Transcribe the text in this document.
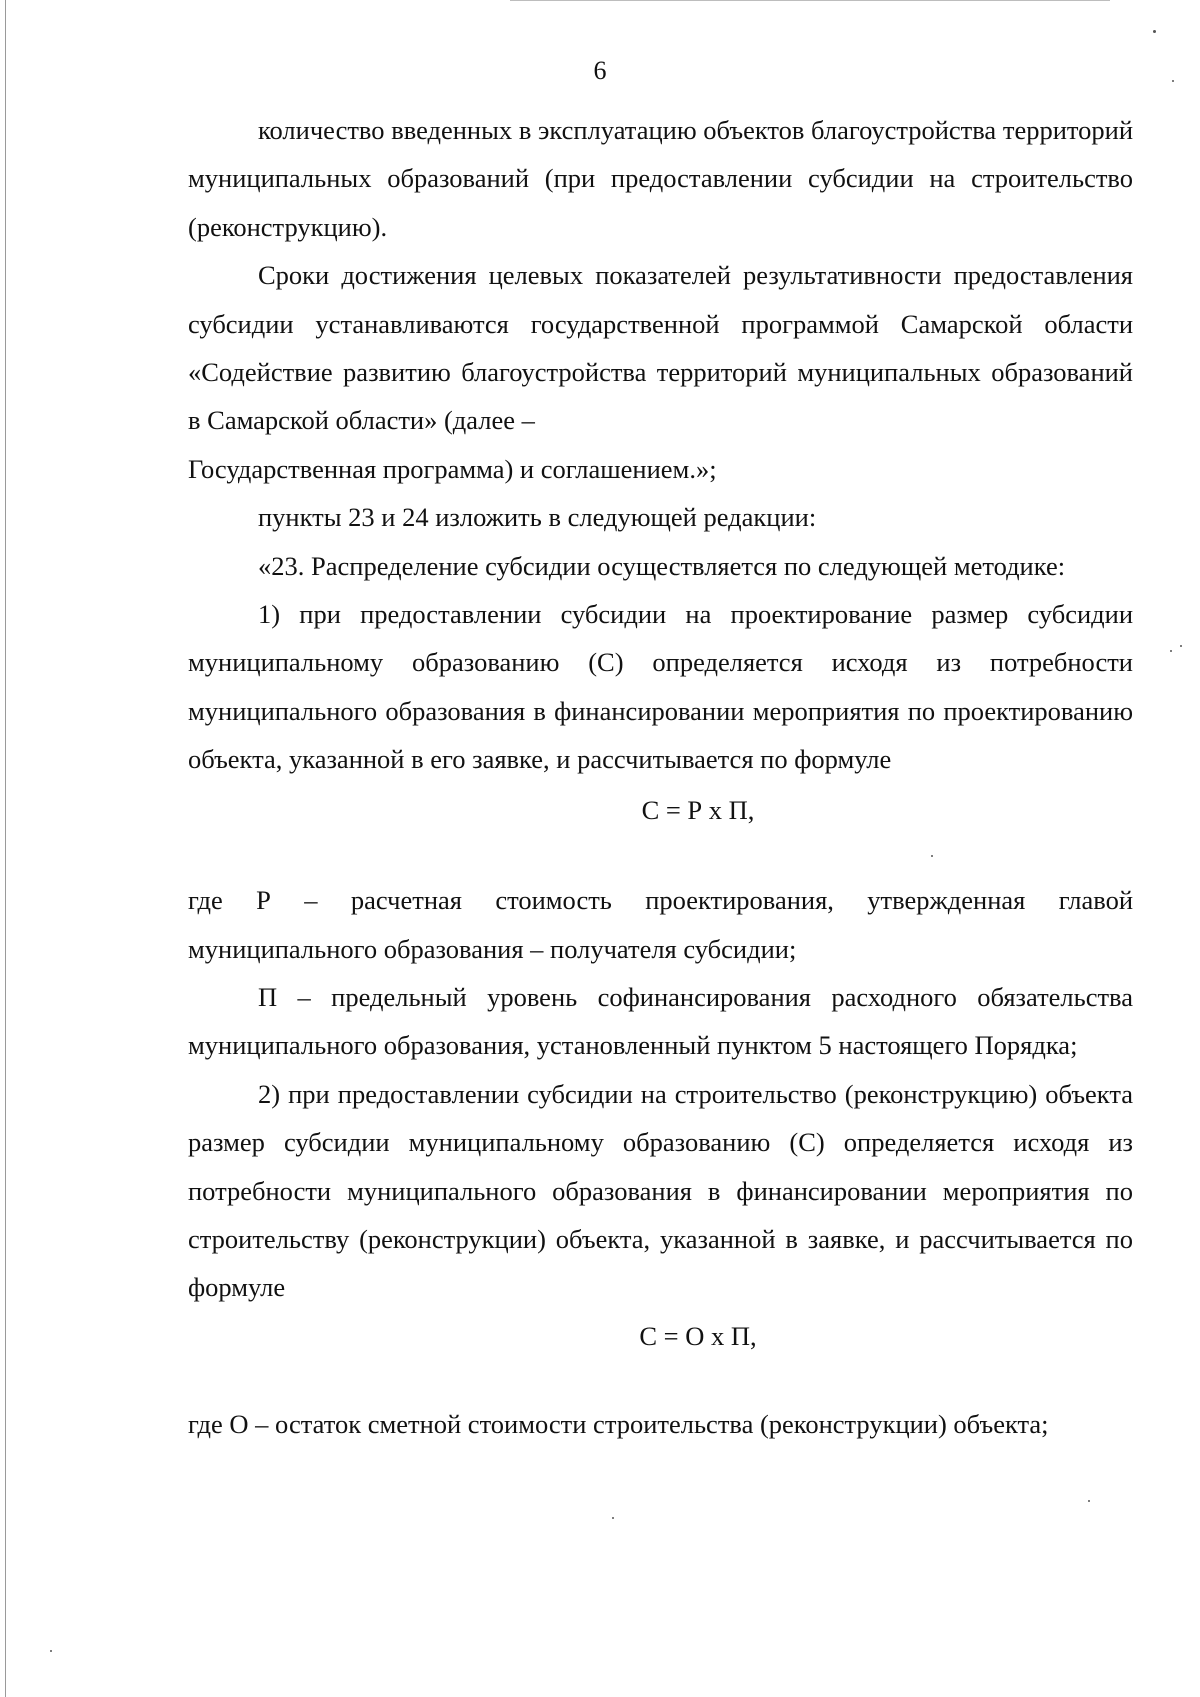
6

количество введенных в эксплуатацию объектов благоустройства территорий муниципальных образований (при предоставлении субсидии на строительство (реконструкцию).

Сроки достижения целевых показателей результативности предоставления субсидии устанавливаются государственной программой Самарской области «Содействие развитию благоустройства территорий муниципальных образований в Самарской области» (далее –

Государственная программа) и соглашением.»;

пункты 23 и 24 изложить в следующей редакции:

«23. Распределение субсидии осуществляется по следующей методике:

1) при предоставлении субсидии на проектирование размер субсидии муниципальному образованию (С) определяется исходя из потребности муниципального образования в финансировании мероприятия по проектированию объекта, указанной в его заявке, и рассчитывается по формуле

С = Р х П,

где Р – расчетная стоимость проектирования, утвержденная главой муниципального образования – получателя субсидии;

П – предельный уровень софинансирования расходного обязательства муниципального образования, установленный пунктом 5 настоящего Порядка;

2) при предоставлении субсидии на строительство (реконструкцию) объекта размер субсидии муниципальному образованию (С) определяется исходя из потребности муниципального образования в финансировании мероприятия по строительству (реконструкции) объекта, указанной в заявке, и рассчитывается по формуле

С = О х П,

где О – остаток сметной стоимости строительства (реконструкции) объекта;
